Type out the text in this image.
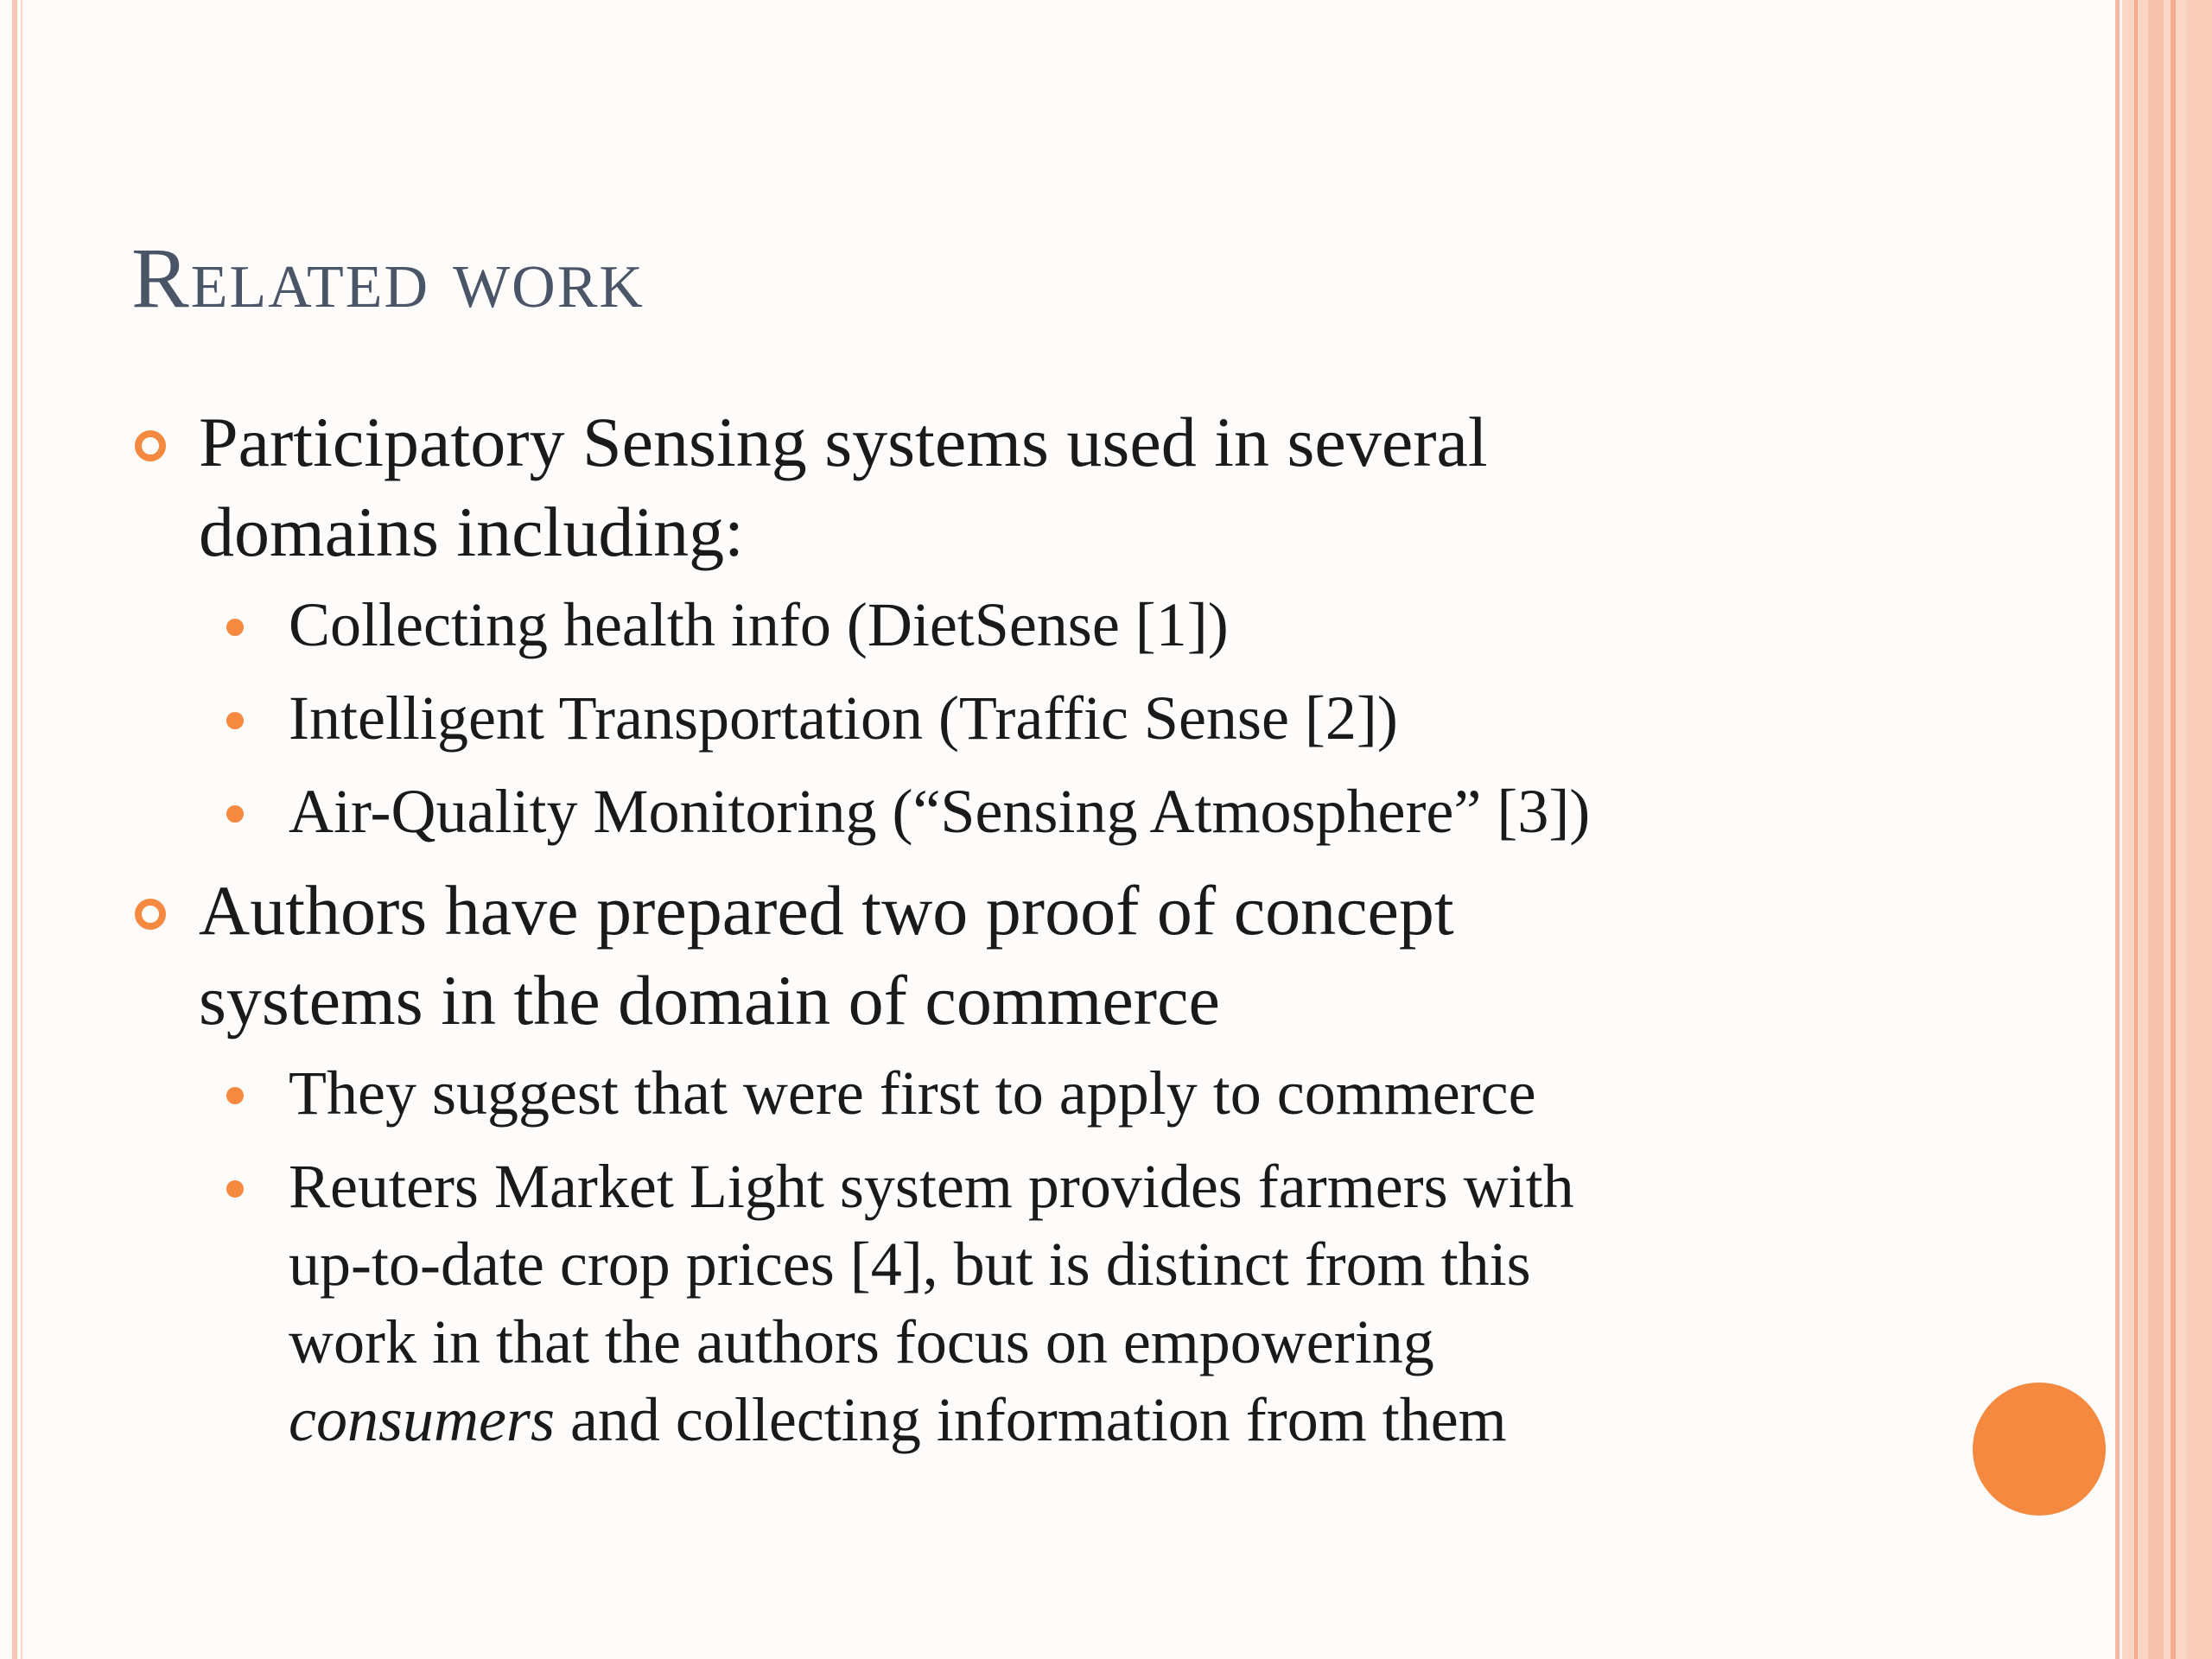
Related work
Participatory Sensing systems used in several
domains including:
Collecting health info (DietSense [1])
Intelligent Transportation (Traffic Sense [2])
Air-Quality Monitoring (“Sensing Atmosphere” [3])
Authors have prepared two proof of concept
systems in the domain of commerce
They suggest that were first to apply to commerce
Reuters Market Light system provides farmers with
up-to-date crop prices [4], but is distinct from this
work in that the authors focus on empowering
consumers and collecting information from them
